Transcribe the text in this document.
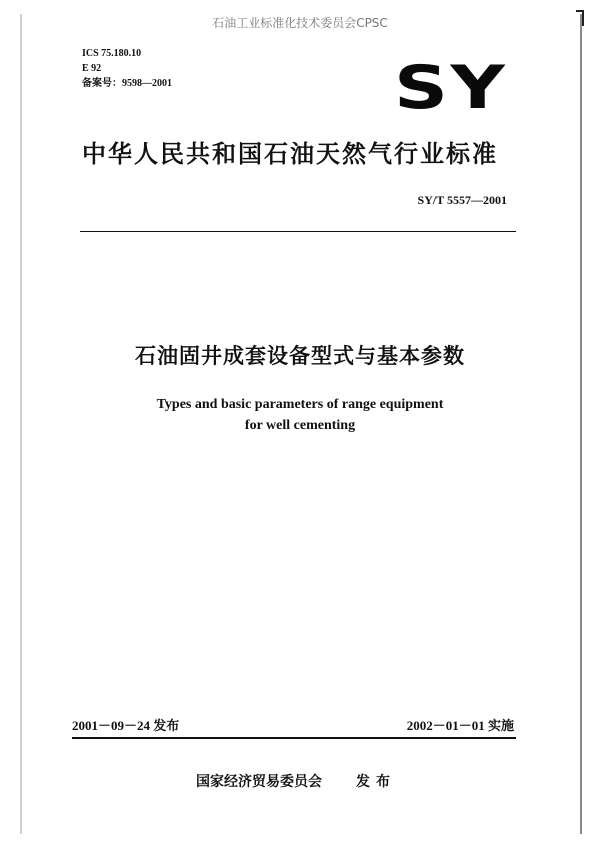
石油工业标准化技术委员会CPSC
ICS 75.180.10
E 92
备案号：9598—2001	SY
中华人民共和国石油天然气行业标准
SY/T 5557—2001
石油固井成套设备型式与基本参数
Types and basic parameters of range equipment
for well cementing
2001－09－24 发布	2002－01－01 实施
国家经济贸易委员会 发布
